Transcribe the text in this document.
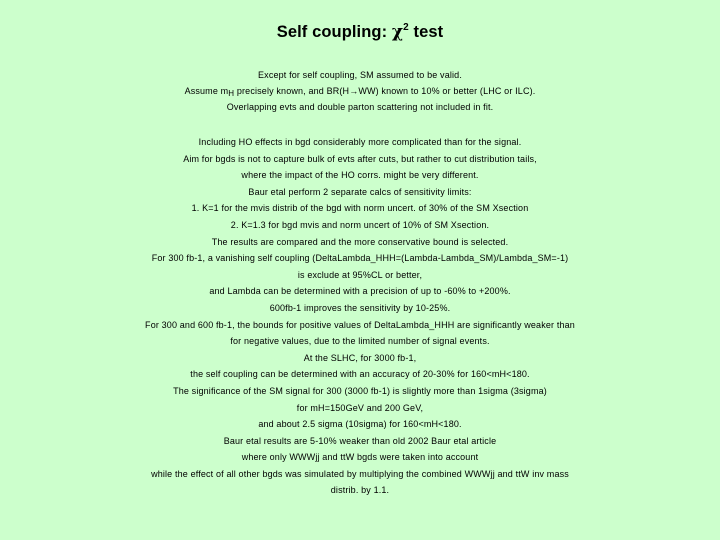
Self coupling: $\chi^2$ test
Except for self coupling, SM assumed to be valid.
Assume $m_H$ precisely known, and BR(H→WW) known to 10% or better (LHC or ILC).
Overlapping evts and double parton scattering not included in fit.
Including HO effects in bgd considerably more complicated than for the signal.
Aim for bgds is not to capture bulk of evts after cuts, but rather to cut distribution tails,
where the impact of the HO corrs. might be very different.
Baur etal perform 2 separate calcs of sensitivity limits:
1. K=1 for the mvis distrib of the bgd with norm uncert. of 30% of the SM Xsection
2. K=1.3 for bgd mvis and norm uncert of 10% of SM Xsection.
The results are compared and the more conservative bound is selected.
For 300 fb-1, a vanishing self coupling (DeltaLambda_HHH=(Lambda-Lambda_SM)/Lambda_SM=-1)
is exclude at 95%CL or better,
and Lambda can be determined with a precision of up to -60% to +200%.
600fb-1 improves the sensitivity by 10-25%.
For 300 and 600 fb-1, the bounds for positive values of DeltaLambda_HHH are significantly weaker than
for negative values, due to the limited number of signal events.
At the SLHC, for 3000 fb-1,
the self coupling can be determined with an accuracy of 20-30% for 160<mH<180.
The significance of the SM signal for 300 (3000 fb-1) is slightly more than 1sigma (3sigma)
for mH=150GeV and 200 GeV,
and about 2.5 sigma (10sigma) for 160<mH<180.
Baur etal results are 5-10% weaker than old 2002 Baur etal article
where only WWWjj and ttW bgds were taken into account
while the effect of all other bgds was simulated by multiplying the combined WWWjj and ttW inv mass
distrib. by 1.1.
